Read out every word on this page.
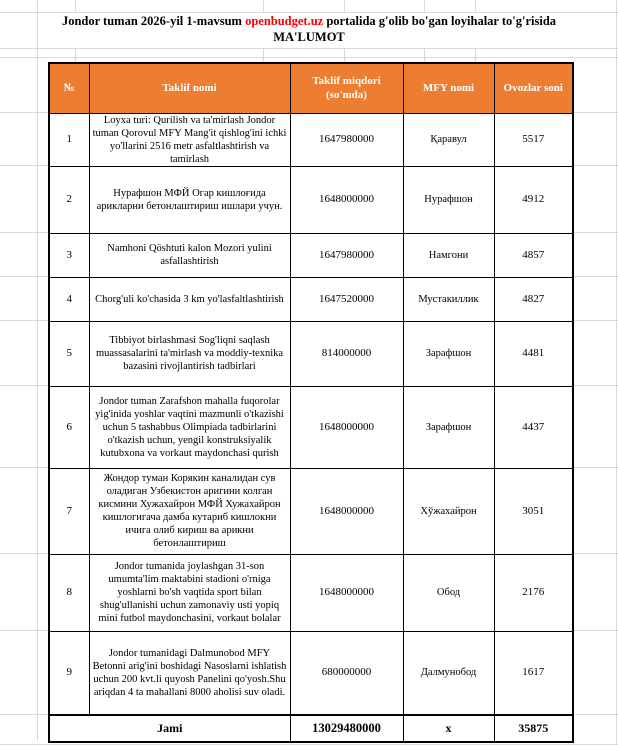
Jondor tuman 2026-yil 1-mavsum openbudget.uz portalida g'olib bo'gan loyihalar to'g'risida
MA'LUMOT
№	Taklif nomi	Taklif miqdori (so'mda)	MFY nomi	Ovozlar soni
1	Loyxa turi: Qurilish va ta'mirlash Jondor tuman Qorovul MFY Mang'it qishlog'ini ichki yo'llarini 2516 metr asfaltlashtirish va tamirlash	1647980000	Қаравул	5517
2	Нурафшон МФЙ Огар кишлоғида арикларни бетонлаштириш ишлари учун.	1648000000	Нурафшон	4912
3	Namhoni Qöshtuti kalon Mozori yulini asfallashtirish	1647980000	Намгони	4857
4	Chorg'uli ko'chasida 3 km yo'lasfaltlashtirish	1647520000	Мустакиллик	4827
5	Tibbiyot birlashmasi Sog'liqni saqlash muassasalarini ta'mirlash va moddiy-texnika bazasini rivojlantirish tadbirlari	814000000	Зарафшон	4481
6	Jondor tuman Zarafshon mahalla fuqorolar yig'inida yoshlar vaqtini mazmunli o'tkazishi uchun 5 tashabbus Olimpiada tadbirlarini o'tkazish uchun, yengil konstruksiyalik kutubxona va vorkaut maydonchasi qurish	1648000000	Зарафшон	4437
7	Жондор туман Корякин каналидан сув оладиган Узбекистон аригини колган кисмини Хужахайрон МФЙ Хужахайрон кишлогигача дамба кутариб кишлокни ичига олиб кириш ва арикни бетонлаштириш	1648000000	Хўжахайрон	3051
8	Jondor tumanida joylashgan 31-son umumta'lim maktabini stadioni o'rniga yoshlarni bo'sh vaqtida sport bilan shug'ullanishi uchun zamonaviy usti yopiq mini futbol maydonchasini, vorkaut bolalar	1648000000	Обод	2176
9	Jondor tumanidagi Dalmunobod MFY Betonni arig'ini boshidagi Nasoslarni ishlatish uchun 200 kvt.li quyosh Panelini qo'yosh.Shu ariqdan 4 ta mahallani 8000 aholisi suv oladi.	680000000	Далмунобод	1617
Jami		13029480000	x	35875
